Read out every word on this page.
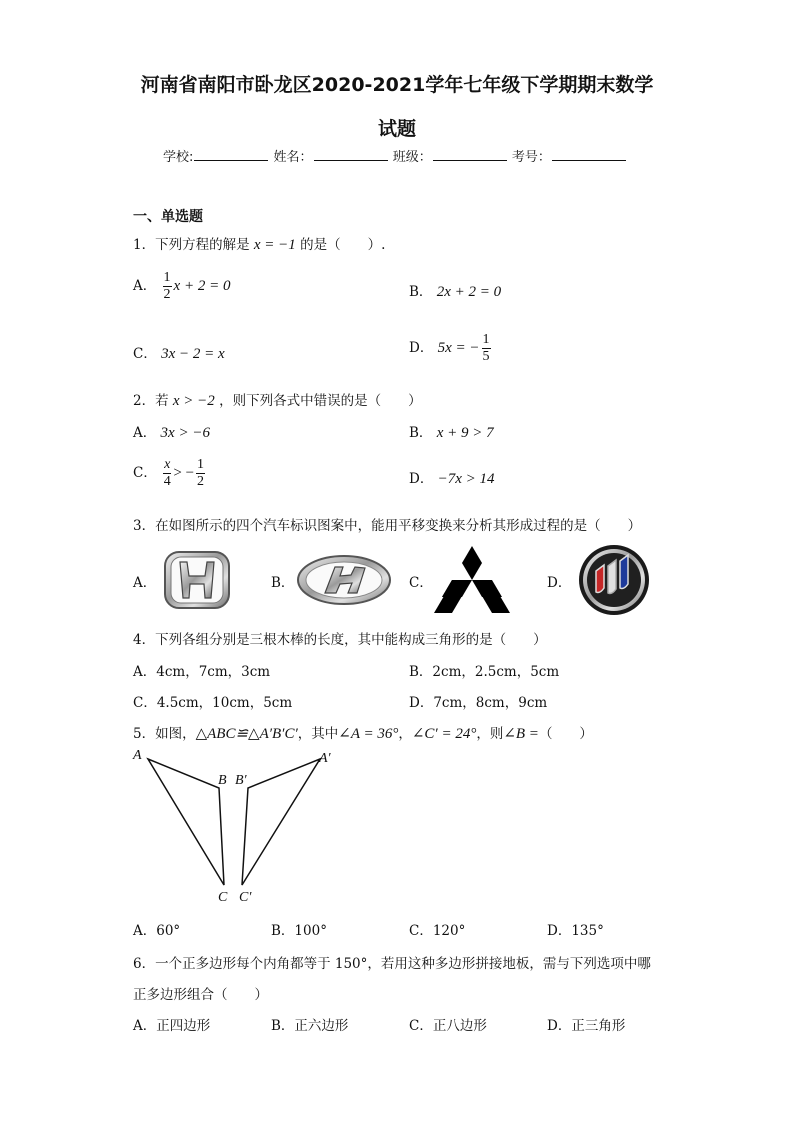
河南省南阳市卧龙区2020-2021学年七年级下学期期末数学
试题
学校:	姓名：	班级：	考号：
一、单选题
1．下列方程的解是 x = −1 的是（　　）.
A． $\frac{1}{2}$ x + 2 = 0	B． 2x + 2 = 0
C． 3x − 2 = x	D． 5x = − $\frac{1}{5}$
2．若 x > −2 ，则下列各式中错误的是（　　）
A． 3x > −6	B． x + 9 > 7
C． $\frac{x}{4}$ > − $\frac{1}{2}$	D． −7x > 14
3．在如图所示的四个汽车标识图案中，能用平移变换来分析其形成过程的是（　　）
A．	B．	C．	D．
4．下列各组分别是三根木棒的长度，其中能构成三角形的是（　　）
A．4cm，7cm，3cm	B．2cm，2.5cm，5cm
C．4.5cm，10cm，5cm	D．7cm，8cm，9cm
5．如图，△ABC≌△A′B′C′，其中∠A = 36°，∠C′ = 24°，则∠B =（　　）
A
B B′
A′
C C′
A．60°	B．100°	C．120°	D．135°
6．一个正多边形每个内角都等于 150°，若用这种多边形拼接地板，需与下列选项中哪
正多边形组合（　　）
A．正四边形	B．正六边形	C．正八边形	D．正三角形
